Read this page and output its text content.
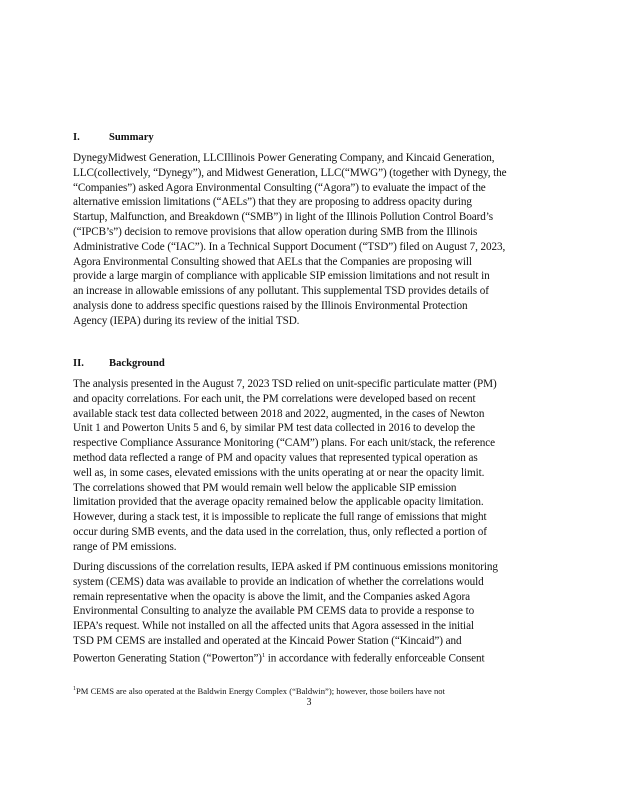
I.	Summary
DynegyMidwest Generation, LLCIllinois Power Generating Company, and Kincaid Generation,
LLC(collectively, “Dynegy”), and Midwest Generation, LLC(“MWG”) (together with Dynegy, the
“Companies”) asked Agora Environmental Consulting (“Agora”) to evaluate the impact of the
alternative emission limitations (“AELs”) that they are proposing to address opacity during
Startup, Malfunction, and Breakdown (“SMB”) in light of the Illinois Pollution Control Board’s
(“IPCB’s”) decision to remove provisions that allow operation during SMB from the Illinois
Administrative Code (“IAC”). In a Technical Support Document (“TSD”) filed on August 7, 2023,
Agora Environmental Consulting showed that AELs that the Companies are proposing will
provide a large margin of compliance with applicable SIP emission limitations and not result in
an increase in allowable emissions of any pollutant. This supplemental TSD provides details of
analysis done to address specific questions raised by the Illinois Environmental Protection
Agency (IEPA) during its review of the initial TSD.
II. Background
The analysis presented in the August 7, 2023 TSD relied on unit-specific particulate matter (PM)
and opacity correlations. For each unit, the PM correlations were developed based on recent
available stack test data collected between 2018 and 2022, augmented, in the cases of Newton
Unit 1 and Powerton Units 5 and 6, by similar PM test data collected in 2016 to develop the
respective Compliance Assurance Monitoring (“CAM”) plans. For each unit/stack, the reference
method data reflected a range of PM and opacity values that represented typical operation as
well as, in some cases, elevated emissions with the units operating at or near the opacity limit.
The correlations showed that PM would remain well below the applicable SIP emission
limitation provided that the average opacity remained below the applicable opacity limitation.
However, during a stack test, it is impossible to replicate the full range of emissions that might
occur during SMB events, and the data used in the correlation, thus, only reflected a portion of
range of PM emissions.
During discussions of the correlation results, IEPA asked if PM continuous emissions monitoring
system (CEMS) data was available to provide an indication of whether the correlations would
remain representative when the opacity is above the limit, and the Companies asked Agora
Environmental Consulting to analyze the available PM CEMS data to provide a response to
IEPA’s request. While not installed on all the affected units that Agora assessed in the initial
TSD PM CEMS are installed and operated at the Kincaid Power Station (“Kincaid”) and
Powerton Generating Station (“Powerton”)$^1$ in accordance with federally enforceable Consent
$^1$PM CEMS are also operated at the Baldwin Energy Complex (“Baldwin”); however, those boilers have not
3
